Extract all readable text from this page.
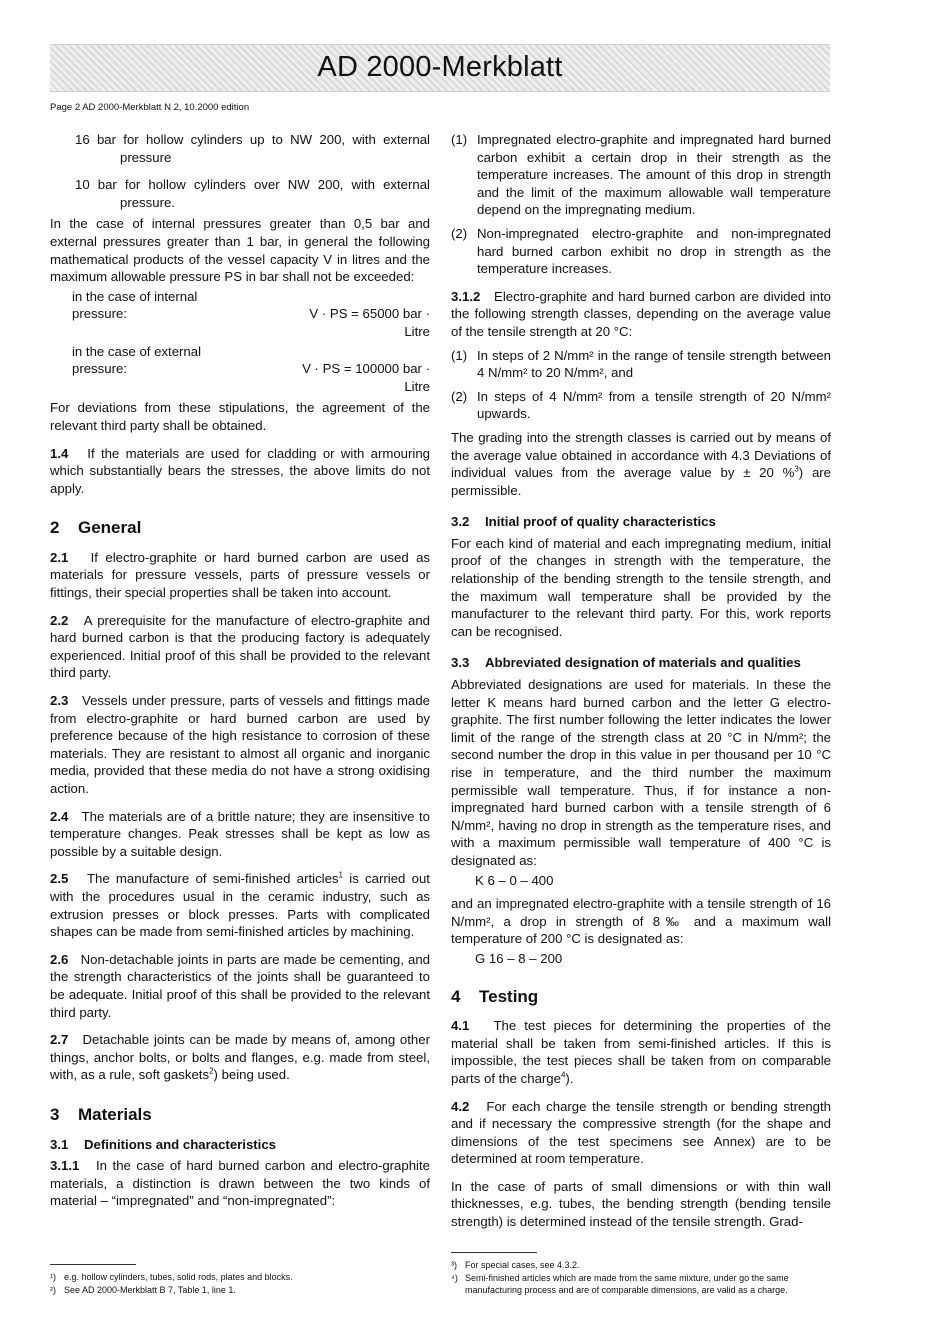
AD 2000-Merkblatt
Page 2 AD 2000-Merkblatt N 2, 10.2000 edition

16 bar for hollow cylinders up to NW 200, with external pressure

10 bar for hollow cylinders over NW 200, with external pressure.

In the case of internal pressures greater than 0,5 bar and external pressures greater than 1 bar, in general the following mathematical products of the vessel capacity V in litres and the maximum allowable pressure PS in bar shall not be exceeded:

in the case of internal
pressure:	V · PS = 65000 bar · Litre
in the case of external
pressure:	V · PS = 100000 bar · Litre

For deviations from these stipulations, the agreement of the relevant third party shall be obtained.

1.4 If the materials are used for cladding or with armouring which substantially bears the stresses, the above limits do not apply.

2 General

2.1 If electro-graphite or hard burned carbon are used as materials for pressure vessels, parts of pressure vessels or fittings, their special properties shall be taken into account.

2.2 A prerequisite for the manufacture of electro-graphite and hard burned carbon is that the producing factory is adequately experienced. Initial proof of this shall be provided to the relevant third party.

2.3 Vessels under pressure, parts of vessels and fittings made from electro-graphite or hard burned carbon are used by preference because of the high resistance to corrosion of these materials. They are resistant to almost all organic and inorganic media, provided that these media do not have a strong oxidising action.

2.4 The materials are of a brittle nature; they are insensitive to temperature changes. Peak stresses shall be kept as low as possible by a suitable design.

2.5 The manufacture of semi-finished articles$^1$ is carried out with the procedures usual in the ceramic industry, such as extrusion presses or block presses. Parts with complicated shapes can be made from semi-finished articles by machining.

2.6 Non-detachable joints in parts are made be cementing, and the strength characteristics of the joints shall be guaranteed to be adequate. Initial proof of this shall be provided to the relevant third party.

2.7 Detachable joints can be made by means of, among other things, anchor bolts, or bolts and flanges, e.g. made from steel, with, as a rule, soft gaskets$^2$) being used.

3 Materials
3.1 Definitions and characteristics

3.1.1 In the case of hard burned carbon and electro-graphite materials, a distinction is drawn between the two kinds of material – “impregnated” and “non-impregnated”:

(1) Impregnated electro-graphite and impregnated hard burned carbon exhibit a certain drop in their strength as the temperature increases. The amount of this drop in strength and the limit of the maximum allowable wall temperature depend on the impregnating medium.
(2) Non-impregnated electro-graphite and non-impregnated hard burned carbon exhibit no drop in strength as the temperature increases.

3.1.2 Electro-graphite and hard burned carbon are divided into the following strength classes, depending on the average value of the tensile strength at 20 °C:

(1) In steps of 2 N/mm² in the range of tensile strength between 4 N/mm² to 20 N/mm², and
(2) In steps of 4 N/mm² from a tensile strength of 20 N/mm² upwards.

The grading into the strength classes is carried out by means of the average value obtained in accordance with 4.3 Deviations of individual values from the average value by ± 20 %$^3$) are permissible.

3.2 Initial proof of quality characteristics

For each kind of material and each impregnating medium, initial proof of the changes in strength with the temperature, the relationship of the bending strength to the tensile strength, and the maximum wall temperature shall be provided by the manufacturer to the relevant third party. For this, work reports can be recognised.

3.3 Abbreviated designation of materials and qualities

Abbreviated designations are used for materials. In these the letter K means hard burned carbon and the letter G electro-graphite. The first number following the letter indicates the lower limit of the range of the strength class at 20 °C in N/mm²; the second number the drop in this value in per thousand per 10 °C rise in temperature, and the third number the maximum permissible wall temperature. Thus, if for instance a non-impregnated hard burned carbon with a tensile strength of 6 N/mm², having no drop in strength as the temperature rises, and with a maximum permissible wall temperature of 400 °C is designated as:

K 6 – 0 – 400

and an impregnated electro-graphite with a tensile strength of 16 N/mm², a drop in strength of 8‰ and a maximum wall temperature of 200 °C is designated as:

G 16 – 8 – 200
4 Testing

4.1 The test pieces for determining the properties of the material shall be taken from semi-finished articles. If this is impossible, the test pieces shall be taken from on comparable parts of the charge$^4$).

4.2 For each charge the tensile strength or bending strength and if necessary the compressive strength (for the shape and dimensions of the test specimens see Annex) are to be determined at room temperature.

In the case of parts of small dimensions or with thin wall thicknesses, e.g. tubes, the bending strength (bending tensile strength) is determined instead of the tensile strength. Grad-

¹) e.g. hollow cylinders, tubes, solid rods, plates and blocks.
²) See AD 2000-Merkblatt B 7, Table 1, line 1.
³) For special cases, see 4.3.2.
⁴) Semi-finished articles which are made from the same mixture, under go the same manufacturing process and are of comparable dimensions, are valid as a charge.
